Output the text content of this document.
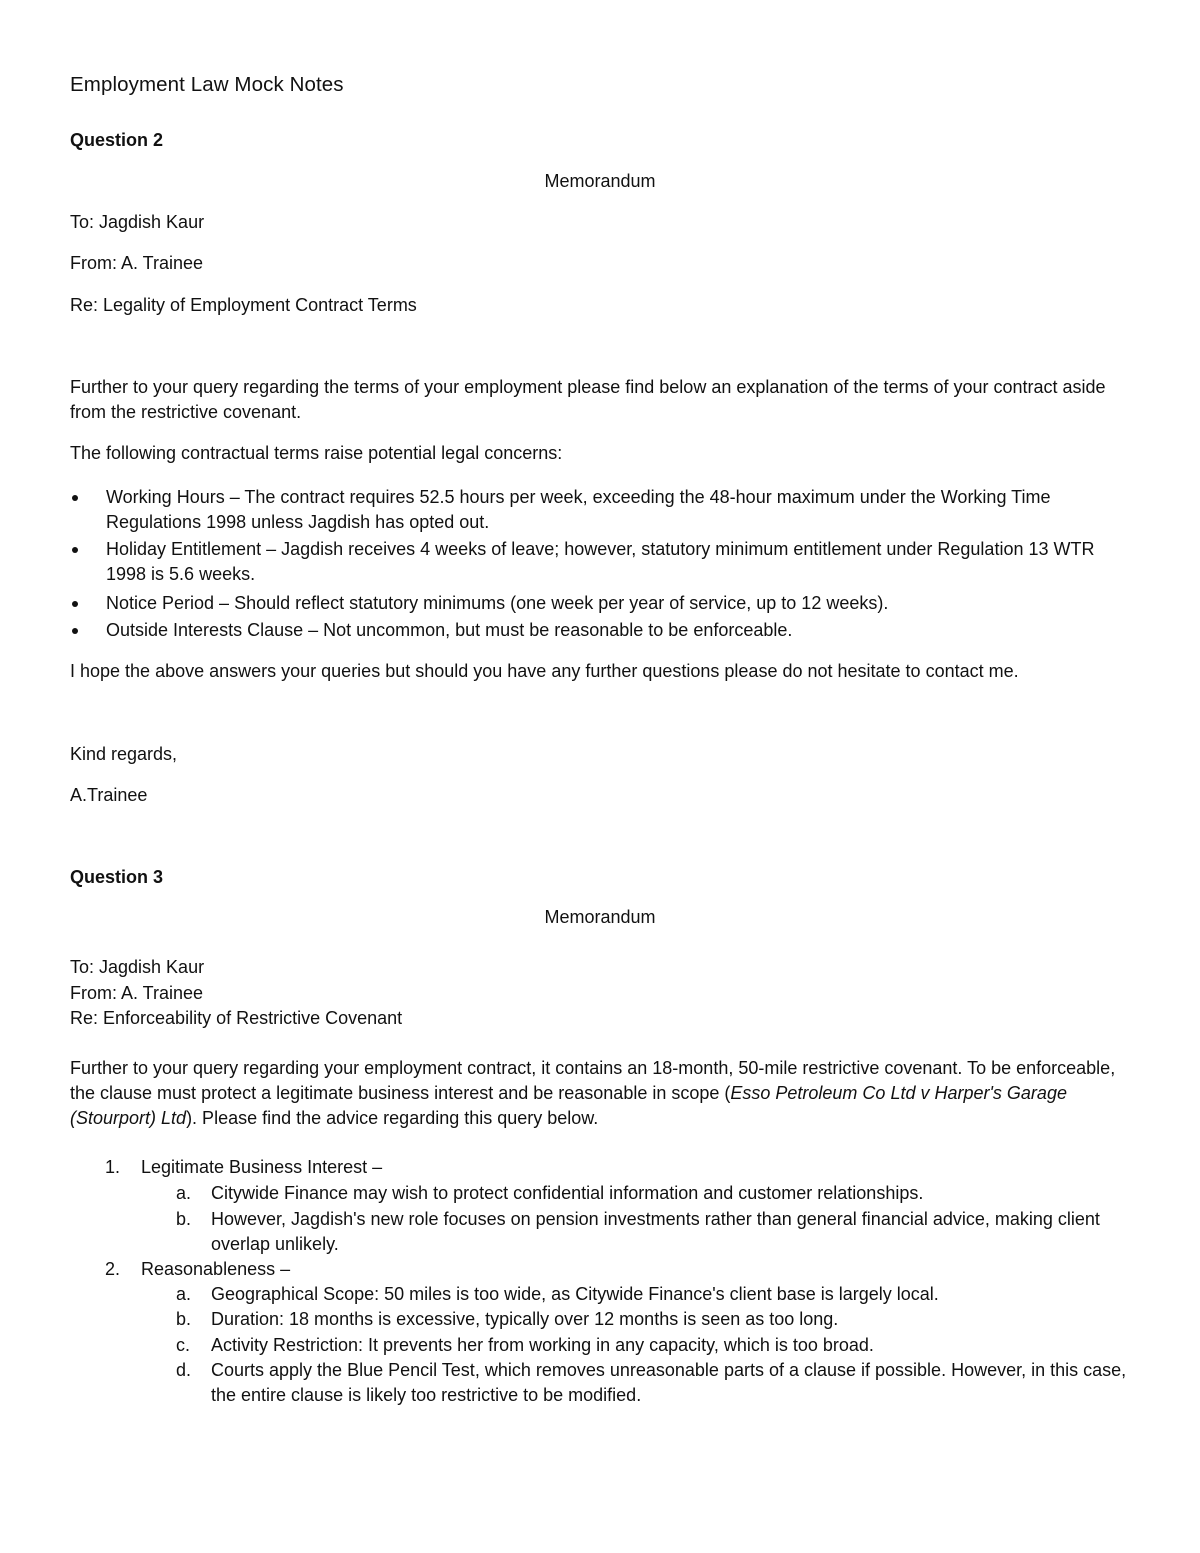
Employment Law Mock Notes
Question 2
Memorandum
To: Jagdish Kaur
From: A. Trainee
Re: Legality of Employment Contract Terms
Further to your query regarding the terms of your employment please find below an explanation of the terms of your contract aside from the restrictive covenant.
The following contractual terms raise potential legal concerns:
Working Hours – The contract requires 52.5 hours per week, exceeding the 48-hour maximum under the Working Time Regulations 1998 unless Jagdish has opted out.
Holiday Entitlement – Jagdish receives 4 weeks of leave; however, statutory minimum entitlement under Regulation 13 WTR 1998 is 5.6 weeks.
Notice Period – Should reflect statutory minimums (one week per year of service, up to 12 weeks).
Outside Interests Clause – Not uncommon, but must be reasonable to be enforceable.
I hope the above answers your queries but should you have any further questions please do not hesitate to contact me.
Kind regards,
A.Trainee
Question 3
Memorandum
To: Jagdish Kaur
From: A. Trainee
Re: Enforceability of Restrictive Covenant
Further to your query regarding your employment contract, it contains an 18-month, 50-mile restrictive covenant. To be enforceable, the clause must protect a legitimate business interest and be reasonable in scope (Esso Petroleum Co Ltd v Harper's Garage (Stourport) Ltd). Please find the advice regarding this query below.
1. Legitimate Business Interest –
a. Citywide Finance may wish to protect confidential information and customer relationships.
b. However, Jagdish's new role focuses on pension investments rather than general financial advice, making client overlap unlikely.
2. Reasonableness –
a. Geographical Scope: 50 miles is too wide, as Citywide Finance's client base is largely local.
b. Duration: 18 months is excessive, typically over 12 months is seen as too long.
c. Activity Restriction: It prevents her from working in any capacity, which is too broad.
d. Courts apply the Blue Pencil Test, which removes unreasonable parts of a clause if possible. However, in this case, the entire clause is likely too restrictive to be modified.
